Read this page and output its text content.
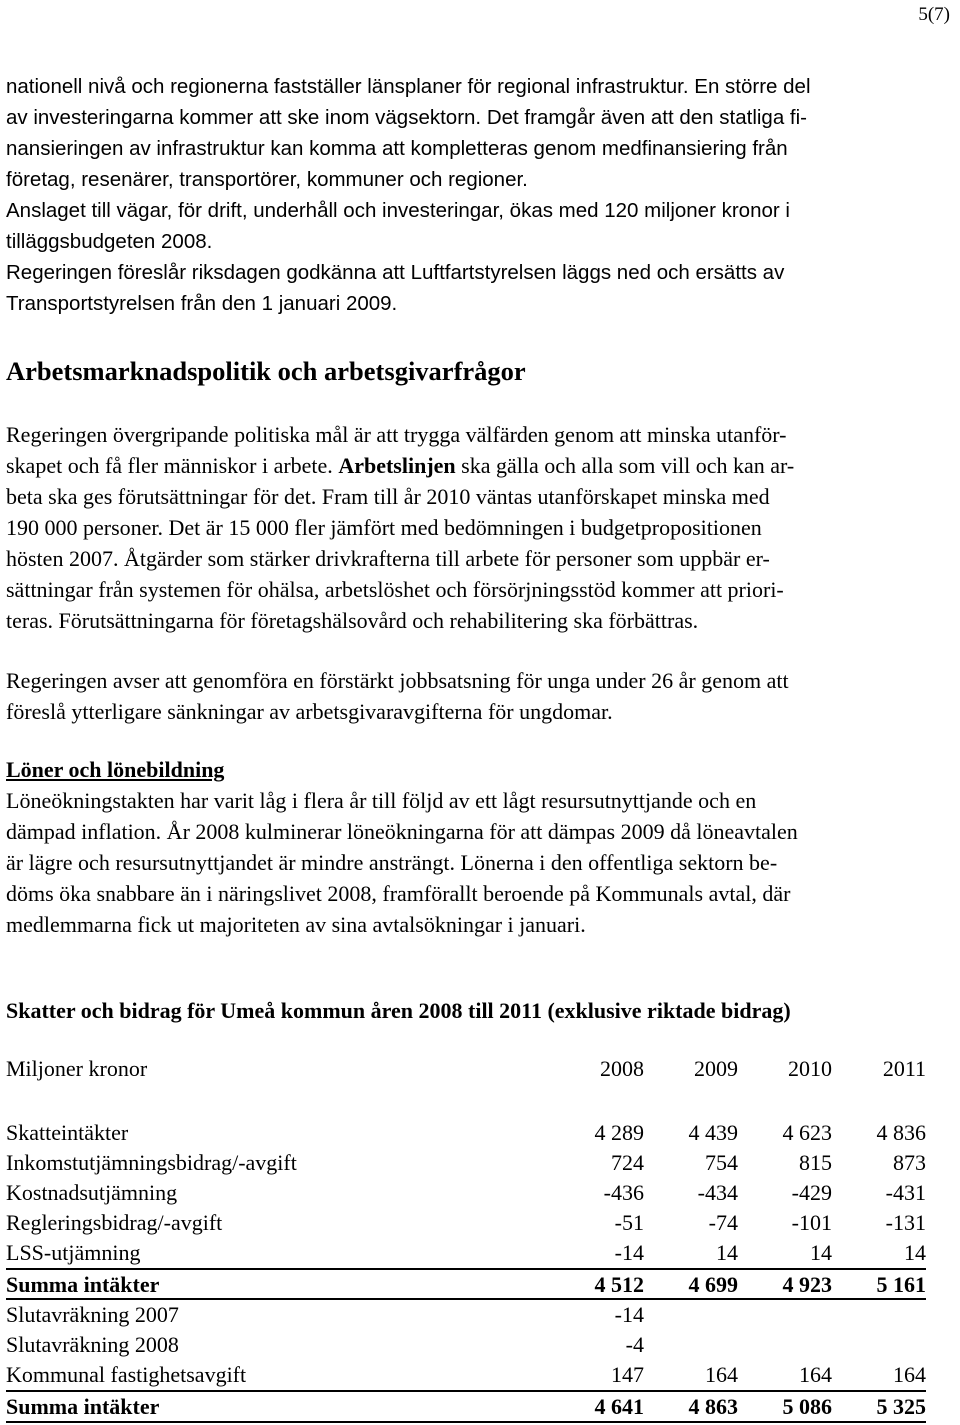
5(7)
nationell nivå och regionerna fastställer länsplaner för regional infrastruktur. En större del
av investeringarna kommer att ske inom vägsektorn. Det framgår även att den statliga fi-
nansieringen av infrastruktur kan komma att kompletteras genom medfinansiering från
företag, resenärer, transportörer, kommuner och regioner.
Anslaget till vägar, för drift, underhåll och investeringar, ökas med 120 miljoner kronor i
tilläggsbudgeten 2008.
Regeringen föreslår riksdagen godkänna att Luftfartstyrelsen läggs ned och ersätts av
Transportstyrelsen från den 1 januari 2009.
Arbetsmarknadspolitik och arbetsgivarfrågor
Regeringen övergripande politiska mål är att trygga välfärden genom att minska utanför-
skapet och få fler människor i arbete. Arbetslinjen ska gälla och alla som vill och kan ar-
beta ska ges förutsättningar för det. Fram till år 2010 väntas utanförskapet minska med
190 000 personer. Det är 15 000 fler jämfört med bedömningen i budgetpropositionen
hösten 2007. Åtgärder som stärker drivkrafterna till arbete för personer som uppbär er-
sättningar från systemen för ohälsa, arbetslöshet och försörjningsstöd kommer att priori-
teras. Förutsättningarna för företagshälsovård och rehabilitering ska förbättras.
Regeringen avser att genomföra en förstärkt jobbsatsning för unga under 26 år genom att
föreslå ytterligare sänkningar av arbetsgivaravgifterna för ungdomar.
Löner och lönebildning
Löneökningstakten har varit låg i flera år till följd av ett lågt resursutnyttjande och en
dämpad inflation. År 2008 kulminerar löneökningarna för att dämpas 2009 då löneavtalen
är lägre och resursutnyttjandet är mindre ansträngt. Lönerna i den offentliga sektorn be-
döms öka snabbare än i näringslivet 2008, framförallt beroende på Kommunals avtal, där
medlemmarna fick ut majoriteten av sina avtalsökningar i januari.
Skatter och bidrag för Umeå kommun åren 2008 till 2011 (exklusive riktade bidrag)
Miljoner kronor	2008	2009	2010	2011
Skatteintäkter	4 289	4 439	4 623	4 836
Inkomstutjämningsbidrag/-avgift	724	754	815	873
Kostnadsutjämning	-436	-434	-429	-431
Regleringsbidrag/-avgift	-51	-74	-101	-131
LSS-utjämning	-14	14	14	14
Summa intäkter	4 512	4 699	4 923	5 161
Slutavräkning 2007	-14
Slutavräkning 2008	-4
Kommunal fastighetsavgift	147	164	164	164
Summa intäkter	4 641	4 863	5 086	5 325
